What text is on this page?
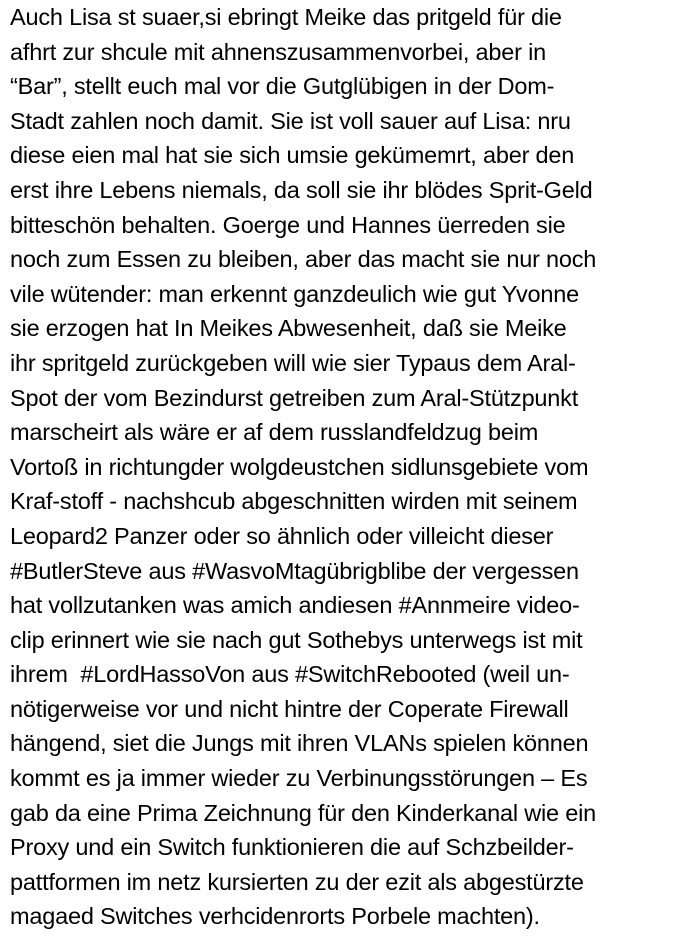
Auch Lisa st suaer,si ebringt Meike das pritgeld für die
afhrt zur shcule mit ahnenszusammenvorbei, aber in
“Bar”, stellt euch mal vor die Gutglübigen in der Dom-
Stadt zahlen noch damit. Sie ist voll sauer auf Lisa: nru
diese eien mal hat sie sich umsie gekümemrt, aber den
erst ihre Lebens niemals, da soll sie ihr blödes Sprit-Geld
bitteschön behalten. Goerge und Hannes üerreden sie
noch zum Essen zu bleiben, aber das macht sie nur noch
vile wütender: man erkennt ganzdeulich wie gut Yvonne
sie erzogen hat In Meikes Abwesenheit, daß sie Meike
ihr spritgeld zurückgeben will wie sier Typaus dem Aral-
Spot der vom Bezindurst getreiben zum Aral-Stützpunkt
marscheirt als wäre er af dem russlandfeldzug beim
Vortoß in richtungder wolgdeustchen sidlunsgebiete vom
Kraf-stoff - nachshcub abgeschnitten wirden mit seinem
Leopard2 Panzer oder so ähnlich oder villeicht dieser
#ButlerSteve aus #WasvoMtagübrigblibe der vergessen
hat vollzutanken was amich andiesen #Annmeire video-
clip erinnert wie sie nach gut Sothebys unterwegs ist mit
ihrem  #LordHassoVon aus #SwitchRebooted (weil un-
nötigerweise vor und nicht hintre der Coperate Firewall
hängend, siet die Jungs mit ihren VLANs spielen können
kommt es ja immer wieder zu Verbinungsstörungen – Es
gab da eine Prima Zeichnung für den Kinderkanal wie ein
Proxy und ein Switch funktionieren die auf Schzbeilder-
pattformen im netz kursierten zu der ezit als abgestürzte
magaed Switches verhcidenrorts Porbele machten).
